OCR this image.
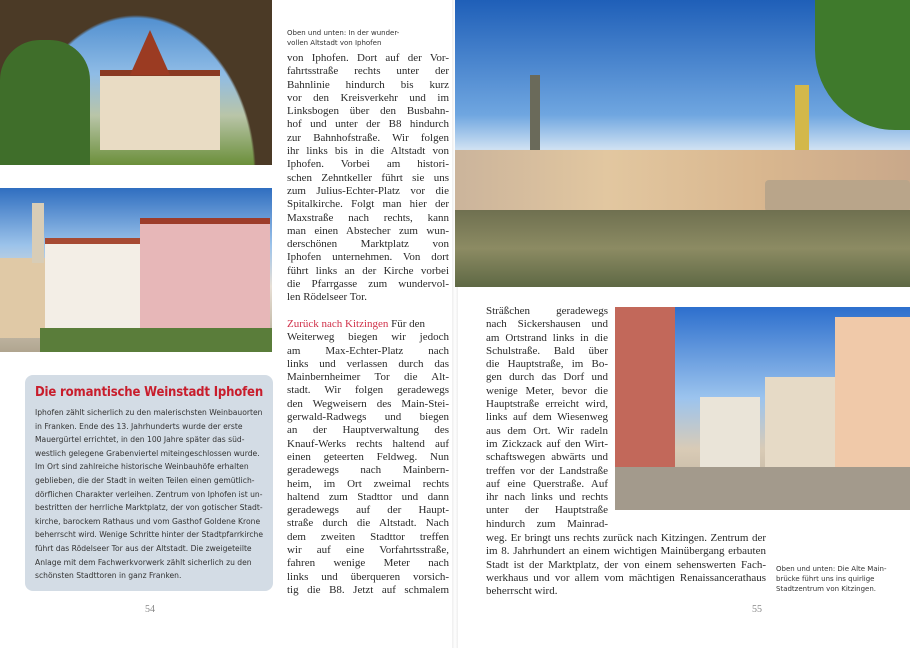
Oben und unten: In der wunder-
vollen Altstadt von Iphofen
von Iphofen. Dort auf der Vor-
fahrtsstraße rechts unter der
Bahnlinie hindurch bis kurz
vor den Kreisverkehr und im
Linksbogen über den Busbahn-
hof und unter der B8 hindurch
zur Bahnhofstraße. Wir folgen
ihr links bis in die Altstadt von
Iphofen. Vorbei am histori-
schen Zehntkeller führt sie uns
zum Julius-Echter-Platz vor die
Spitalkirche. Folgt man hier der
Maxstraße nach rechts, kann
man einen Abstecher zum wun-
derschönen Marktplatz von
Iphofen unternehmen. Von dort
führt links an der Kirche vorbei
die Pfarrgasse zum wundervol-
len Rödelseer Tor.
Zurück nach Kitzingen Für den
Weiterweg biegen wir jedoch
am Max-Echter-Platz nach
links und verlassen durch das
Mainbernheimer Tor die Alt-
stadt. Wir folgen geradewegs
den Wegweisern des Main-Stei-
gerwald-Radwegs und biegen
an der Hauptverwaltung des
Knauf-Werks rechts haltend auf
einen geteerten Feldweg. Nun
geradewegs nach Mainbern-
heim, im Ort zweimal rechts
haltend zum Stadttor und dann
geradewegs auf der Haupt-
straße durch die Altstadt. Nach
dem zweiten Stadttor treffen
wir auf eine Vorfahrtsstraße,
fahren wenige Meter nach
links und überqueren vorsich-
tig die B8. Jetzt auf schmalem
Die romantische Weinstadt Iphofen
Iphofen zählt sicherlich zu den malerischsten Weinbauorten
in Franken. Ende des 13. Jahrhunderts wurde der erste
Mauergürtel errichtet, in den 100 Jahre später das süd-
westlich gelegene Grabenviertel miteingeschlossen wurde.
Im Ort sind zahlreiche historische Weinbauhöfe erhalten
geblieben, die der Stadt in weiten Teilen einen gemütlich-
dörflichen Charakter verleihen. Zentrum von Iphofen ist un-
bestritten der herrliche Marktplatz, der von gotischer Stadt-
kirche, barockem Rathaus und vom Gasthof Goldene Krone
beherrscht wird. Wenige Schritte hinter der Stadtpfarrkirche
führt das Rödelseer Tor aus der Altstadt. Die zweigeteilte
Anlage mit dem Fachwerkvorwerk zählt sicherlich zu den
schönsten Stadttoren in ganz Franken.
54
Sträßchen geradewegs
nach Sickershausen und
am Ortstrand links in die
Schulstraße. Bald über
die Hauptstraße, im Bo-
gen durch das Dorf und
wenige Meter, bevor die
Hauptstraße erreicht wird,
links auf dem Wiesenweg
aus dem Ort. Wir radeln
im Zickzack auf den Wirt-
schaftswegen abwärts und
treffen vor der Landstraße
auf eine Querstraße. Auf
ihr nach links und rechts
unter der Hauptstraße
hindurch zum Mainrad-
weg. Er bringt uns rechts zurück nach Kitzingen. Zentrum der
im 8. Jahrhundert an einem wichtigen Mainübergang erbauten
Stadt ist der Marktplatz, der von einem sehenswerten Fach-
werkhaus und vor allem vom mächtigen Renaissancerathaus
beherrscht wird.
Oben und unten: Die Alte Main-
brücke führt uns ins quirlige
Stadtzentrum von Kitzingen.
55
